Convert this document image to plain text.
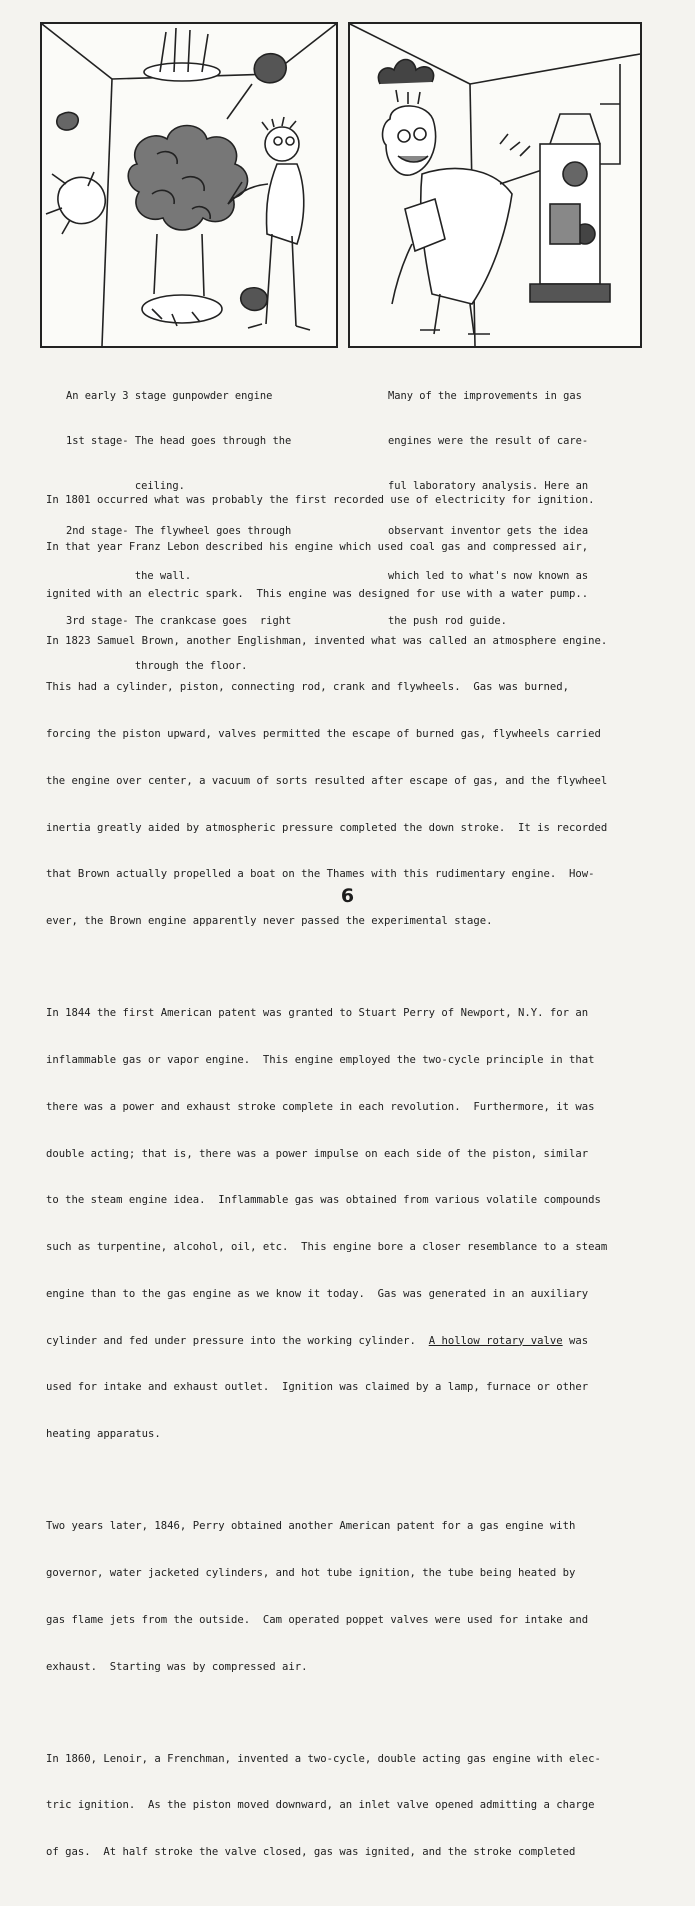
An early 3 stage gunpowder engine

1st stage- The head goes through the

ceiling.

2nd stage- The flywheel goes through

the wall.

3rd stage- The crankcase goes  right

through the floor.

Many of the improvements in gas

engines were the result of care-

ful laboratory analysis. Here an

observant inventor gets the idea

which led to what's now known as

the push rod guide.

In 1801 occurred what was probably the first recorded use of electricity for ignition.

In that year Franz Lebon described his engine which used coal gas and compressed air,

ignited with an electric spark.  This engine was designed for use with a water pump..

In 1823 Samuel Brown, another Englishman, invented what was called an atmosphere engine.

This had a cylinder, piston, connecting rod, crank and flywheels.  Gas was burned,

forcing the piston upward, valves permitted the escape of burned gas, flywheels carried

the engine over center, a vacuum of sorts resulted after escape of gas, and the flywheel

inertia greatly aided by atmospheric pressure completed the down stroke.  It is recorded

that Brown actually propelled a boat on the Thames with this rudimentary engine.  How-

ever, the Brown engine apparently never passed the experimental stage.

In 1844 the first American patent was granted to Stuart Perry of Newport, N.Y. for an

inflammable gas or vapor engine.  This engine employed the two-cycle principle in that

there was a power and exhaust stroke complete in each revolution.  Furthermore, it was

double acting; that is, there was a power impulse on each side of the piston, similar

to the steam engine idea.  Inflammable gas was obtained from various volatile compounds

such as turpentine, alcohol, oil, etc.  This engine bore a closer resemblance to a steam

engine than to the gas engine as we know it today.  Gas was generated in an auxiliary

cylinder and fed under pressure into the working cylinder. A hollow rotary valve was

used for intake and exhaust outlet.  Ignition was claimed by a lamp, furnace or other

heating apparatus.

Two years later, 1846, Perry obtained another American patent for a gas engine with

governor, water jacketed cylinders, and hot tube ignition, the tube being heated by

gas flame jets from the outside.  Cam operated poppet valves were used for intake and

exhaust.  Starting was by compressed air.

In 1860, Lenoir, a Frenchman, invented a two-cycle, double acting gas engine with elec-

tric ignition.  As the piston moved downward, an inlet valve opened admitting a charge

of gas.  At half stroke the valve closed, gas was ignited, and the stroke completed

6
